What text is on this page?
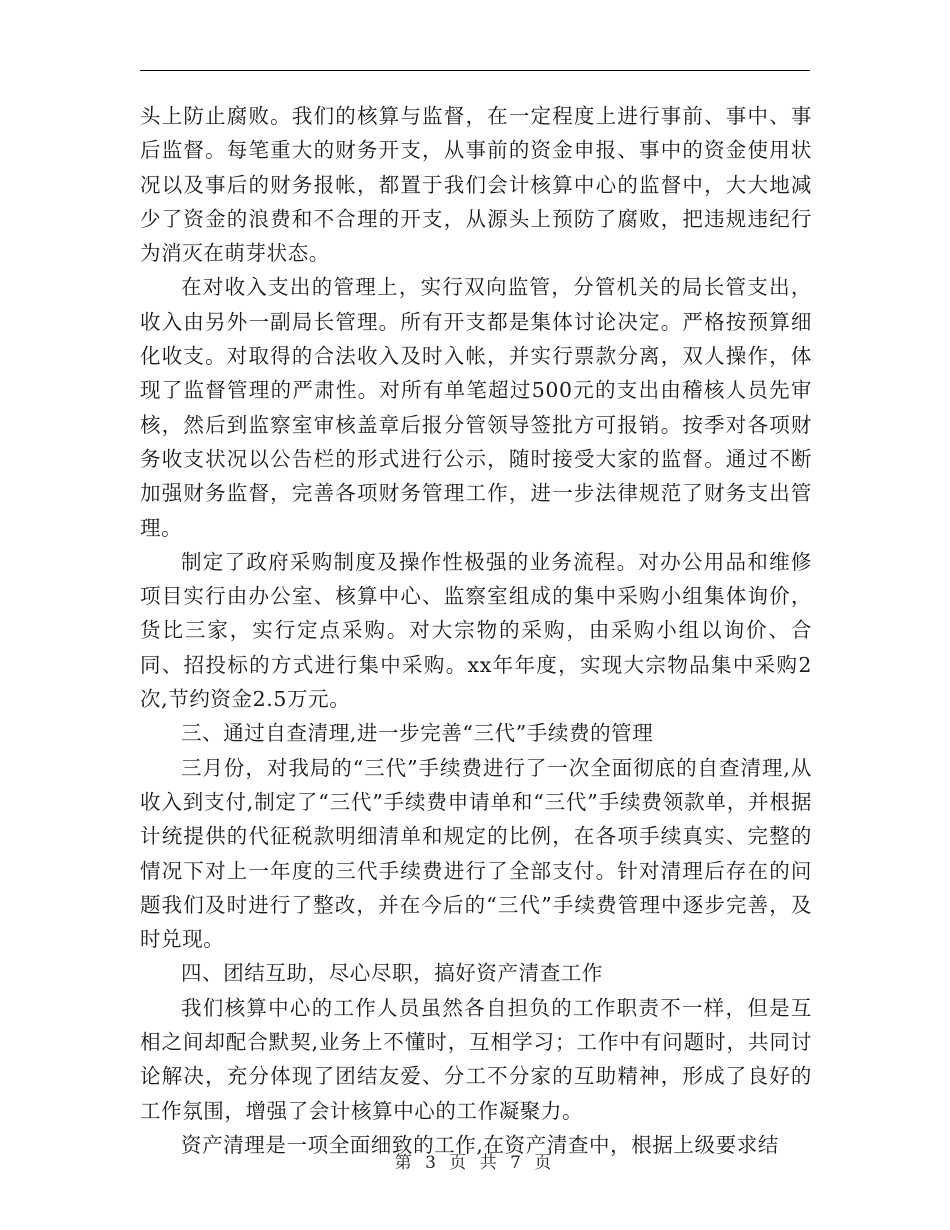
头上防止腐败。我们的核算与监督，在一定程度上进行事前、事中、事后监督。每笔重大的财务开支，从事前的资金申报、事中的资金使用状况以及事后的财务报帐，都置于我们会计核算中心的监督中，大大地减少了资金的浪费和不合理的开支，从源头上预防了腐败，把违规违纪行为消灭在萌芽状态。

在对收入支出的管理上，实行双向监管，分管机关的局长管支出，收入由另外一副局长管理。所有开支都是集体讨论决定。严格按预算细化收支。对取得的合法收入及时入帐，并实行票款分离，双人操作，体现了监督管理的严肃性。对所有单笔超过500元的支出由稽核人员先审核，然后到监察室审核盖章后报分管领导签批方可报销。按季对各项财务收支状况以公告栏的形式进行公示，随时接受大家的监督。通过不断加强财务监督，完善各项财务管理工作，进一步法律规范了财务支出管理。

制定了政府采购制度及操作性极强的业务流程。对办公用品和维修项目实行由办公室、核算中心、监察室组成的集中采购小组集体询价，货比三家，实行定点采购。对大宗物的采购，由采购小组以询价、合同、招投标的方式进行集中采购。xx年年度，实现大宗物品集中采购2次,节约资金2.5万元。

三、通过自查清理,进一步完善“三代”手续费的管理

三月份，对我局的“三代”手续费进行了一次全面彻底的自查清理,从收入到支付,制定了“三代”手续费申请单和“三代”手续费领款单，并根据计统提供的代征税款明细清单和规定的比例，在各项手续真实、完整的情况下对上一年度的三代手续费进行了全部支付。针对清理后存在的问题我们及时进行了整改，并在今后的“三代”手续费管理中逐步完善，及时兑现。

四、团结互助，尽心尽职，搞好资产清查工作

我们核算中心的工作人员虽然各自担负的工作职责不一样，但是互相之间却配合默契,业务上不懂时，互相学习；工作中有问题时，共同讨论解决，充分体现了团结友爱、分工不分家的互助精神，形成了良好的工作氛围，增强了会计核算中心的工作凝聚力。

资产清理是一项全面细致的工作,在资产清查中，根据上级要求结

第 3 页 共 7 页
